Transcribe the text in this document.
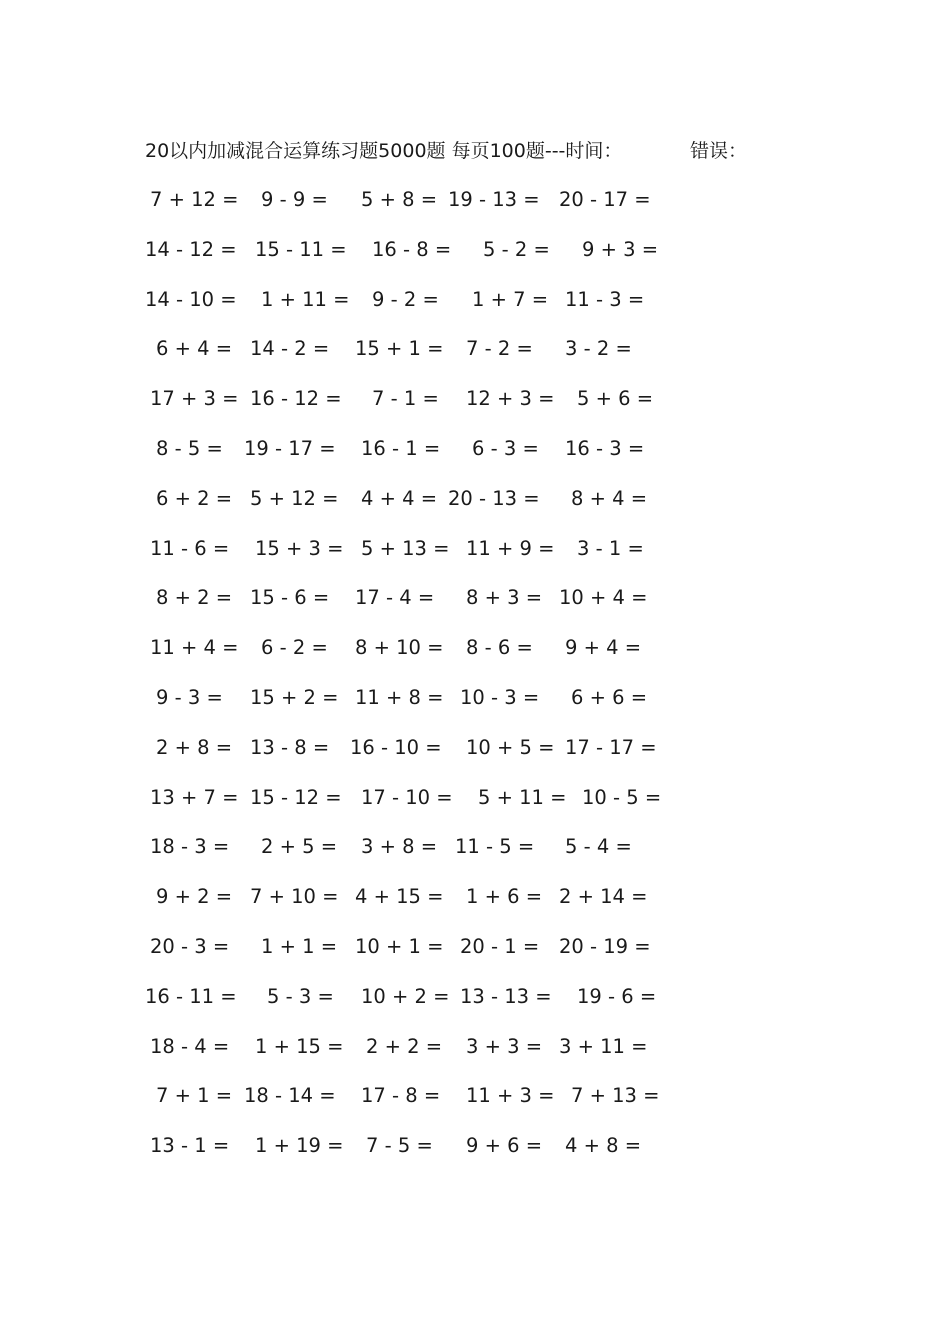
20以内加减混合运算练习题5000题 每页100题---时间：	错误：
7 + 12 = 9 - 9 = 5 + 8 = 19 - 13 = 20 - 17 =
14 - 12 = 15 - 11 = 16 - 8 = 5 - 2 = 9 + 3 =
14 - 10 = 1 + 11 = 9 - 2 = 1 + 7 = 11 - 3 =
6 + 4 = 14 - 2 = 15 + 1 = 7 - 2 = 3 - 2 =
17 + 3 = 16 - 12 = 7 - 1 = 12 + 3 = 5 + 6 =
8 - 5 = 19 - 17 = 16 - 1 = 6 - 3 = 16 - 3 =
6 + 2 = 5 + 12 = 4 + 4 = 20 - 13 = 8 + 4 =
11 - 6 = 15 + 3 = 5 + 13 = 11 + 9 = 3 - 1 =
8 + 2 = 15 - 6 = 17 - 4 = 8 + 3 = 10 + 4 =
11 + 4 = 6 - 2 = 8 + 10 = 8 - 6 = 9 + 4 =
9 - 3 = 15 + 2 = 11 + 8 = 10 - 3 = 6 + 6 =
2 + 8 = 13 - 8 = 16 - 10 = 10 + 5 = 17 - 17 =
13 + 7 = 15 - 12 = 17 - 10 = 5 + 11 = 10 - 5 =
18 - 3 = 2 + 5 = 3 + 8 = 11 - 5 = 5 - 4 =
9 + 2 = 7 + 10 = 4 + 15 = 1 + 6 = 2 + 14 =
20 - 3 = 1 + 1 = 10 + 1 = 20 - 1 = 20 - 19 =
16 - 11 = 5 - 3 = 10 + 2 = 13 - 13 = 19 - 6 =
18 - 4 = 1 + 15 = 2 + 2 = 3 + 3 = 3 + 11 =
7 + 1 = 18 - 14 = 17 - 8 = 11 + 3 = 7 + 13 =
13 - 1 = 1 + 19 = 7 - 5 = 9 + 6 = 4 + 8 =
